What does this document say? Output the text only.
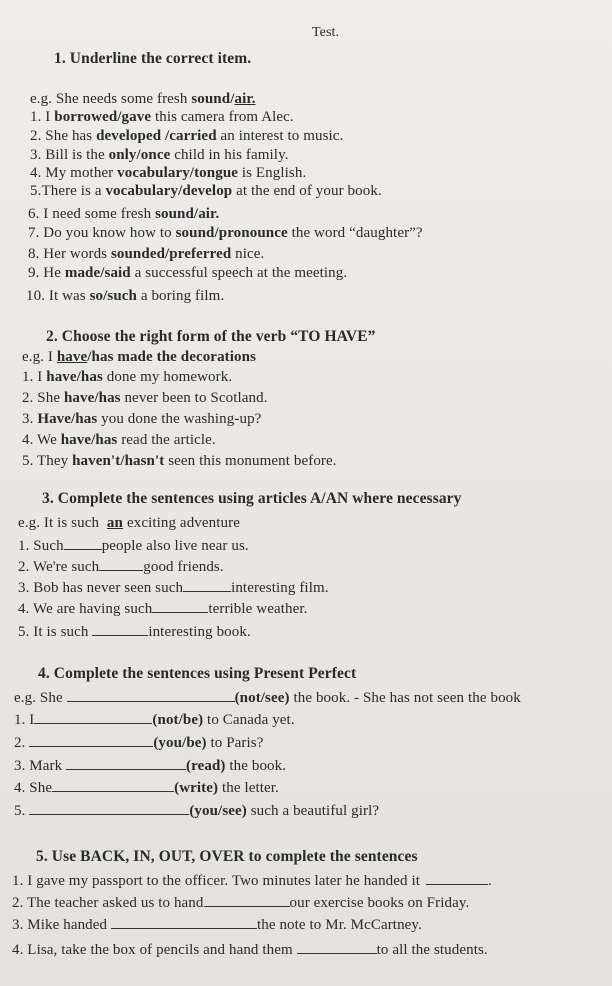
Test.
1. Underline the correct item.
e.g. She needs some fresh sound/air.
1. I borrowed/gave this camera from Alec.
2. She has developed /carried an interest to music.
3. Bill is the only/once child in his family.
4. My mother vocabulary/tongue is English.
5.There is a vocabulary/develop at the end of your book.
6. I need some fresh sound/air.
7. Do you know how to sound/pronounce the word “daughter”?
8. Her words sounded/preferred nice.
9. He made/said a successful speech at the meeting.
10. It was so/such a boring film.
2. Choose the right form of the verb “TO HAVE”
e.g. I have/has made the decorations
1. I have/has done my homework.
2. She have/has never been to Scotland.
3. Have/has you done the washing-up?
4. We have/has read the article.
5. They haven't/hasn't seen this monument before.
3. Complete the sentences using articles A/AN where necessary
e.g. It is such an exciting adventure
1. Such	people also live near us.
2. We're such	good friends.
3. Bob has never seen such	interesting film.
4. We are having such	terrible weather.
5. It is such	interesting book.
4. Complete the sentences using Present Perfect
e.g. She	(not/see) the book. - She has not seen the book
1. I	(not/be) to Canada yet.
2.	(you/be) to Paris?
3. Mark	(read) the book.
4. She	(write) the letter.
5.	(you/see) such a beautiful girl?
5. Use BACK, IN, OUT, OVER to complete the sentences
1. I gave my passport to the officer. Two minutes later he handed it	.
2. The teacher asked us to hand	our exercise books on Friday.
3. Mike handed	the note to Mr. McCartney.
4. Lisa, take the box of pencils and hand them	to all the students.
